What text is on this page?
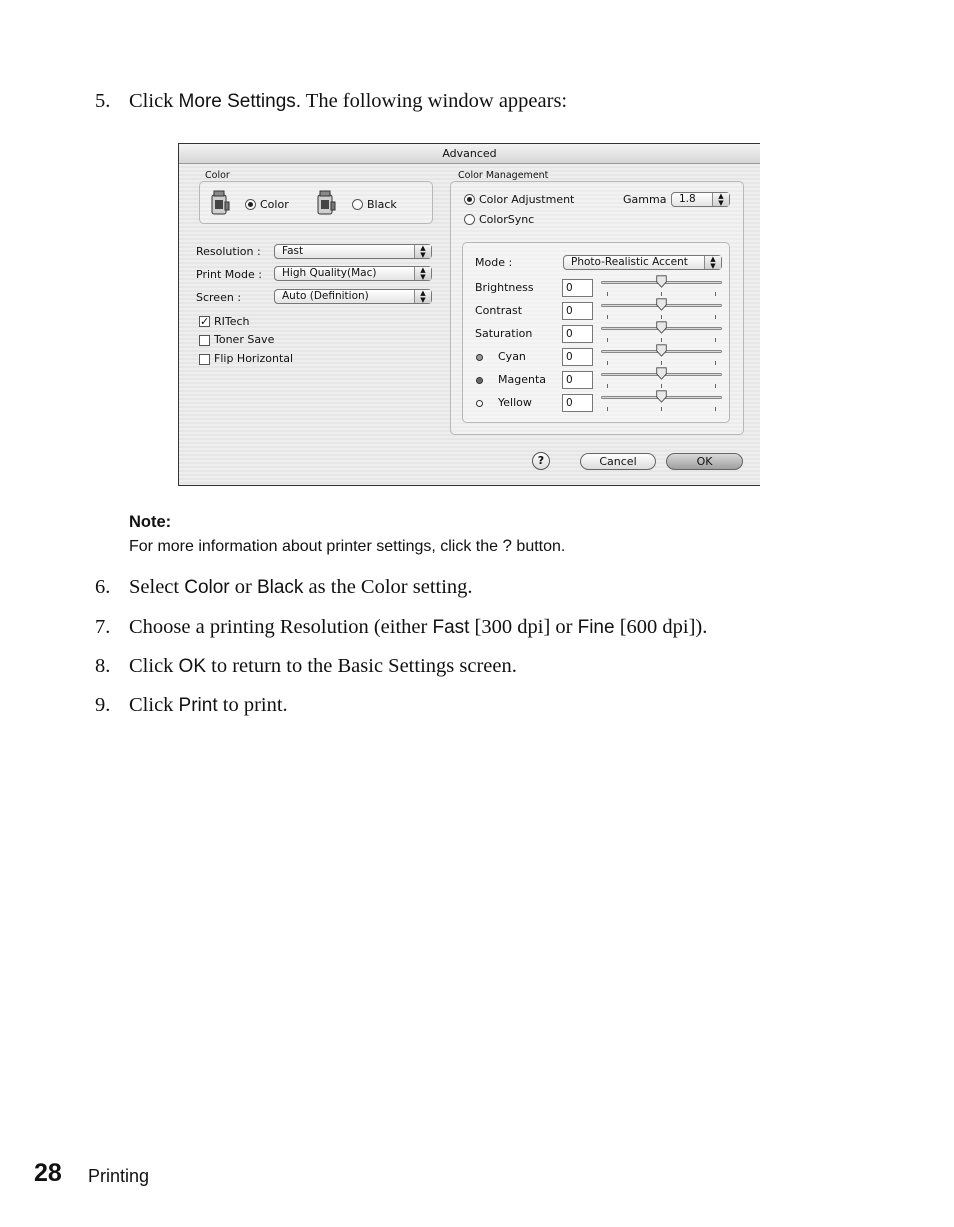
5. Click More Settings. The following window appears:
Advanced
Color
Color	Black
Resolution :	Fast	▲
▼
Print Mode :	High Quality(Mac)	▲
▼
Screen :	Auto (Definition)	▲
▼
✓ RITech
Toner Save
Flip Horizontal
Color Management
Color Adjustment
ColorSync
Gamma	1.8	▲
▼
Mode :	Photo-Realistic Accent	▲
▼
Brightness	0
Contrast	0
Saturation	0
Cyan	0
Magenta	0
Yellow	0
?	Cancel	OK
Note:
For more information about printer settings, click the ? button.
6. Select Color or Black as the Color setting.
7. Choose a printing Resolution (either Fast [300 dpi] or Fine [600 dpi]).
8. Click OK to return to the Basic Settings screen.
9. Click Print to print.
28 Printing
